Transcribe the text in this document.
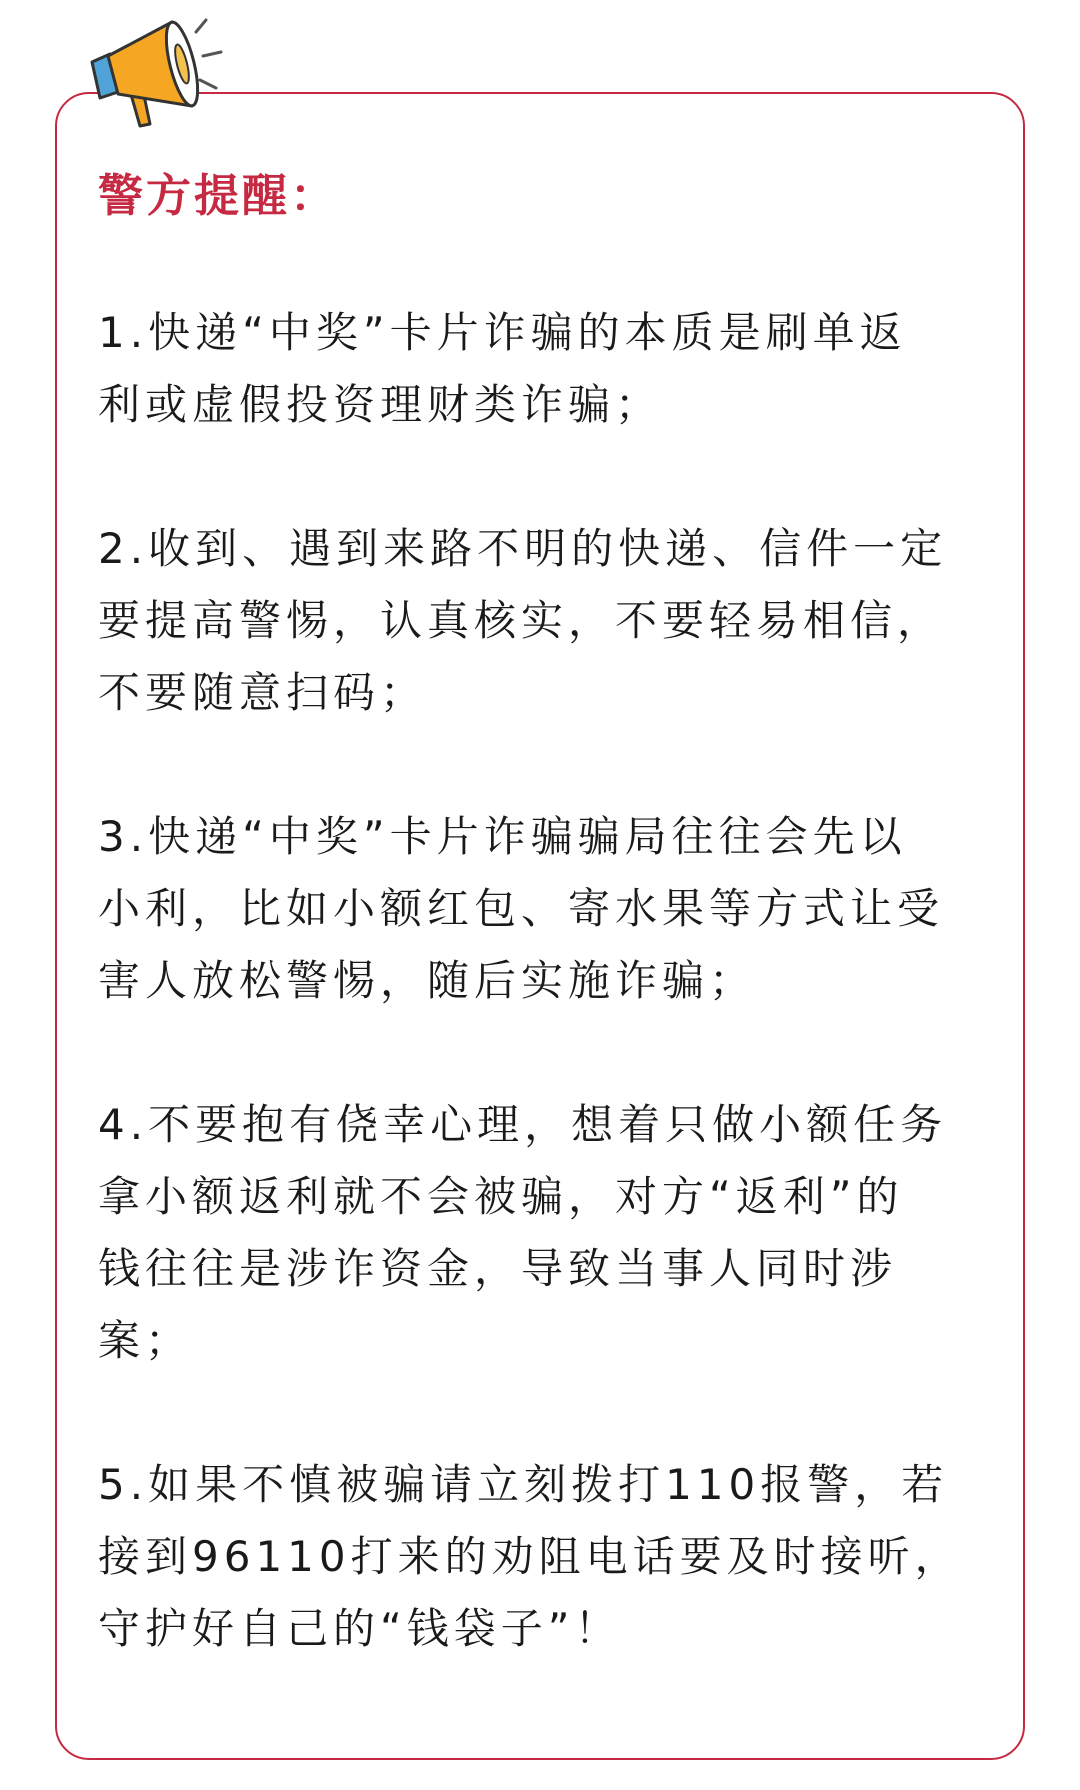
警方提醒：
1.快递“中奖”卡片诈骗的本质是刷单返
利或虚假投资理财类诈骗；
2.收到、遇到来路不明的快递、信件一定
要提高警惕，认真核实，不要轻易相信，
不要随意扫码；
3.快递“中奖”卡片诈骗骗局往往会先以
小利，比如小额红包、寄水果等方式让受
害人放松警惕，随后实施诈骗；
4.不要抱有侥幸心理，想着只做小额任务
拿小额返利就不会被骗，对方“返利”的
钱往往是涉诈资金，导致当事人同时涉
案；
5.如果不慎被骗请立刻拨打110报警，若
接到96110打来的劝阻电话要及时接听，
守护好自己的“钱袋子”！
